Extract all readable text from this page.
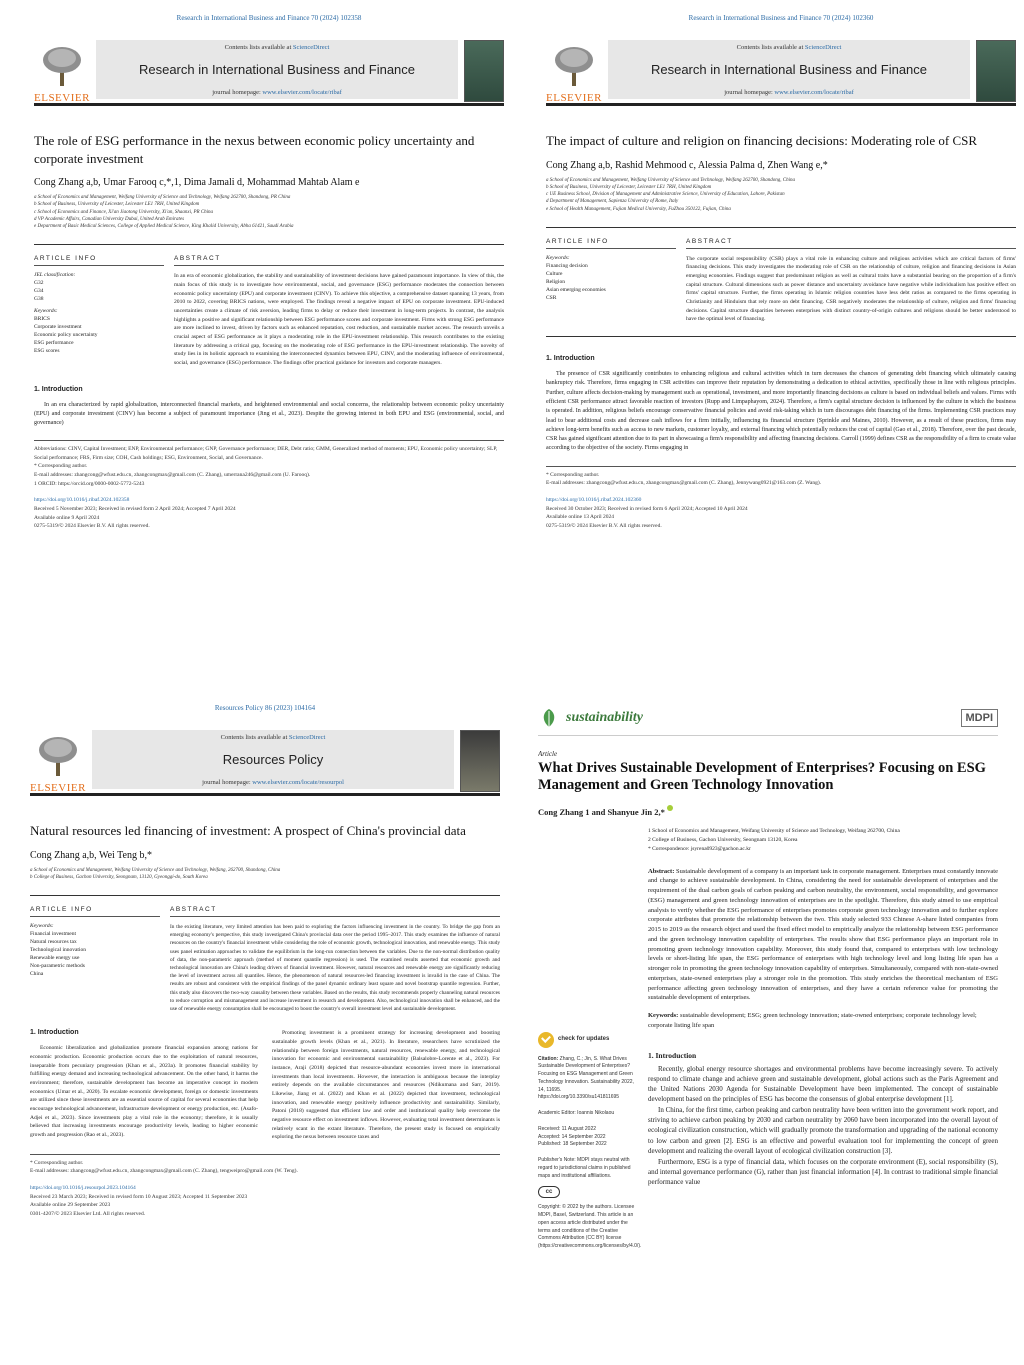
Research in International Business and Finance 70 (2024) 102358
ELSEVIER
Contents lists available at ScienceDirect
Research in International Business and Finance
journal homepage: www.elsevier.com/locate/ribaf
The role of ESG performance in the nexus between economic policy uncertainty and corporate investment
Cong Zhang a,b, Umar Farooq c,*,1, Dima Jamali d, Mohammad Mahtab Alam e
a School of Economics and Management, Weifang University of Science and Technology, Weifang 262700, Shandong, PR China
b School of Business, University of Leicester, Leicester LE1 7RH, United Kingdom
c School of Economics and Finance, Xi'an Jiaotong University, Xi'an, Shaanxi, PR China
d VP Academic Affairs, Canadian University Dubai, United Arab Emirates
e Department of Basic Medical Sciences, College of Applied Medical Science, King Khalid University, Abha 61421, Saudi Arabia
ARTICLE INFO
JEL classification:
G32
G34
G38
Keywords:
BRICS
Corporate investment
Economic policy uncertainty
ESG performance
ESG scores
ABSTRACT
In an era of economic globalization, the stability and sustainability of investment decisions have gained paramount importance. In view of this, the main focus of this study is to investigate how environmental, social, and governance (ESG) performance moderates the connection between economic policy uncertainty (EPU) and corporate investment (CINV). To achieve this objective, a comprehensive dataset spanning 13 years, from 2010 to 2022, covering BRICS nations, were employed. The findings reveal a negative impact of EPU on corporate investment. EPU-induced uncertainties create a climate of risk aversion, leading firms to delay or reduce their investment in long-term projects. In contrast, the analysis highlights a positive and significant relationship between ESG performance scores and corporate investment. Firms with strong ESG performance are more inclined to invest, driven by factors such as enhanced reputation, cost reduction, and sustainable market access. The research unveils a crucial aspect of ESG performance as it plays a moderating role in the EPU-investment relationship. This research contributes to the existing literature by addressing a critical gap, focusing on the moderating role of ESG performance in the EPU-investment relationship. The novelty of study lies in its holistic approach to examining the interconnected dynamics between EPU, CINV, and the moderating influence of environmental, social, and governance (ESG) performance. The findings offer practical guidance for investors and corporate managers.
1. Introduction
In an era characterized by rapid globalization, interconnected financial markets, and heightened environmental and social concerns, the relationship between economic policy uncertainty (EPU) and corporate investment (CINV) has become a subject of paramount importance (Jing et al., 2023). Despite the growing interest in both EPU and ESG (environmental, social, and governance)
Abbreviations: CINV, Capital Investment; ENP, Environmental performance; GNP, Governance performance; DER, Debt ratio; GMM, Generalized method of moments; EPU, Economic policy uncertainty; SLP, Social performance; FRS, Firm size; COH, Cash holdings; ESG, Environment, Social, and Governance.
* Corresponding author.
E-mail addresses: zhangcong@wfust.edu.cn, zhangcongmax@gmail.com (C. Zhang), umerrana246@gmail.com (U. Farooq).
1 ORCID: https://orcid.org/0000-0002-5772-5243
https://doi.org/10.1016/j.ribaf.2024.102358
Received 5 November 2023; Received in revised form 2 April 2024; Accepted 7 April 2024
Available online 9 April 2024
0275-5319/© 2024 Elsevier B.V. All rights reserved.
Research in International Business and Finance 70 (2024) 102360
ELSEVIER
Contents lists available at ScienceDirect
Research in International Business and Finance
journal homepage: www.elsevier.com/locate/ribaf
The impact of culture and religion on financing decisions: Moderating role of CSR
Cong Zhang a,b, Rashid Mehmood c, Alessia Palma d, Zhen Wang e,*
a School of Economics and Management, Weifang University of Science and Technology, Weifang 262700, Shandong, China
b School of Business, University of Leicester, Leicester LE1 7RH, United Kingdom
c UE Business School, Division of Management and Administrative Science, University of Education, Lahore, Pakistan
d Department of Management, Sapienza University of Rome, Italy
e School of Health Management, Fujian Medical University, FuZhou 350122, Fujian, China
ARTICLE INFO
Keywords:
Financing decision
Culture
Religion
Asian emerging economies
CSR
ABSTRACT
The corporate social responsibility (CSR) plays a vital role in enhancing culture and religious activities which are critical factors of firms' financing decisions. This study investigates the moderating role of CSR on the relationship of culture, religion and financing decisions in Asian emerging economies. Findings suggest that predominant religion as well as cultural traits have a substantial bearing on the proportion of a firm's capital structure. Cultural dimensions such as power distance and uncertainty avoidance have negative while individualism has positive effect on firms' capital structure. Further, the firms operating in Islamic religion countries have less debt ratios as compared to the firms operating in Christianity and Hinduism that rely more on debt financing. CSR negatively moderates the relationship of culture, religion and firms' financing decisions. Capital structure disparities between enterprises with distinct country-of-origin cultures and religions should be better understood to have the optimal level of financing.
1. Introduction
The presence of CSR significantly contributes to enhancing religious and cultural activities which in turn decreases the chances of generating debt financing which ultimately causing bankruptcy risk. Therefore, firms engaging in CSR activities can improve their reputation by demonstrating a dedication to ethical activities, specifically those in line with religious principles. Further, culture affects decision-making by management such as operational, investment, and more importantly financing decisions as culture is based on individual beliefs and values. Firms with efficient CSR performance attract favorable reaction of investors (Rupp and Limpaphayom, 2024). Therefore, a firm's capital structure decision is influenced by the culture in which the business is operated. In addition, religious beliefs encourage conservative financial policies and avoid risk-taking which in turn discourages debt financing of the firms. Implementing CSR practices may lead to bear additional costs and decrease cash inflows for a firm initially, influencing its financial structure (Sprinkle and Maines, 2010). However, as a result of these practices, firms may achieve long-term benefits such as access to new markets, customer loyalty, and external financing which potentially reduces the cost of capital (Gao et al., 2018). Therefore, over the past decade, CSR has gained significant attention due to its part in showcasing a firm's responsibility and affecting financing decisions. Carroll (1999) defines CSR as the responsibility of a firm to create value according to the objective of the society. Firms engaging in
* Corresponding author.
E-mail addresses: zhangcong@wfust.edu.cn, zhangcongmax@gmail.com (C. Zhang), Jennywang0921@163.com (Z. Wang).
https://doi.org/10.1016/j.ribaf.2024.102360
Received 30 October 2023; Received in revised form 6 April 2024; Accepted 10 April 2024
Available online 13 April 2024
0275-5319/© 2024 Elsevier B.V. All rights reserved.
Resources Policy 86 (2023) 104164
ELSEVIER
Contents lists available at ScienceDirect
Resources Policy
journal homepage: www.elsevier.com/locate/resourpol
Natural resources led financing of investment: A prospect of China's provincial data
Cong Zhang a,b, Wei Teng b,*
a School of Economics and Management, Weifang University of Science and Technology, Weifang, 262700, Shandong, China
b College of Business, Gachon University, Seongnam, 13120, Gyeonggi-do, South Korea
ARTICLE INFO
Keywords:
Financial investment
Natural resources tax
Technological innovation
Renewable energy use
Non-parametric methods
China
ABSTRACT
In the existing literature, very limited attention has been paid to exploring the factors influencing investment in the country. To bridge the gap from an emerging economy's perspective, this study investigated China's provincial data over the period 1995–2017. This study examines the influence of natural resources on the country's financial investment while considering the role of economic growth, technological innovation, and renewable energy. This study uses panel estimation approaches to validate the equilibrium in the long-run connection between the variables. Due to the non-normal distribution quality of data, the non-parametric approach (method of moment quantile regression) is used. The examined results asserted that economic growth and technological innovation are China's leading drivers of financial investment. However, natural resources and renewable energy are significantly reducing the level of investment across all quantiles. Hence, the phenomenon of natural resources-led financing investment is invalid in the case of China. The results are robust and consistent with the empirical findings of the panel dynamic ordinary least square and novel bootstrap quantile regression. Further, this study also discovers the two-way causality between these variables. Based on the results, this study recommends properly channeling natural resources to reduce corruption and mismanagement and increase investment in research and development. Also, technological innovation shall be enhanced, and the use of renewable energy consumption shall be encouraged to boost the country's overall investment level and sustainable development.
1. Introduction
Economic liberalization and globalization promote financial expansion among nations for economic production. Economic production occurs due to the exploitation of natural resources, inseparable from pecuniary progression (Khan et al., 2023a). It promotes financial stability by fulfilling energy demand and increasing technological advancement. On the other hand, it harms the environment; therefore, sustainable development has become an imperative concept in modern economics (Umar et al., 2020). To escalate economic development, foreign or domestic investments are utilized since these investments are an essential source of capital for several economies that help encourage technological advancement, infrastructure development or energy production, etc. (Asafo-Adjei et al., 2023). Since investments play a vital role in the economy; therefore, it is usually believed that increasing investments encourage productivity levels, leading to higher economic growth and progression (Rao et al., 2023).
Promoting investment is a prominent strategy for increasing development and boosting sustainable growth levels (Khan et al., 2021). In literature, researchers have scrutinized the relationship between foreign investments, natural resources, renewable energy, and technological innovation for economic and environmental sustainability (Balsalobre-Lorente et al., 2023). For instance, Araji (2018) depicted that resource-abundant economies invest more in international investments than local investments. However, the interaction is ambiguous because the interplay entirely depends on the available circumstances and resources (Ndikumana and Sarr, 2019). Likewise, Jiang et al. (2022) and Khan et al. (2022) depicted that investment, technological innovation, and renewable energy positively influence productivity and sustainability. Similarly, Patoni (2018) suggested that efficient law and order and institutional quality help overcome the negative resource effect on investment inflows. However, evaluating total investment determinants is relatively scant in the extant literature. Therefore, the present study is focused on empirically exploring the nexus between resource taxes and
* Corresponding author.
E-mail addresses: zhangcong@wfust.edu.cn, zhangcongmax@gmail.com (C. Zhang), tengweipro@gmail.com (W. Teng).
https://doi.org/10.1016/j.resourpol.2023.104164
Received 23 March 2023; Received in revised form 10 August 2023; Accepted 11 September 2023
Available online 29 September 2023
0301-4207/© 2023 Elsevier Ltd. All rights reserved.
sustainability	MDPI
Article
What Drives Sustainable Development of Enterprises? Focusing on ESG Management and Green Technology Innovation
Cong Zhang 1 and Shanyue Jin 2,*
check for updates
Citation: Zhang, C.; Jin, S. What Drives Sustainable Development of Enterprises? Focusing on ESG Management and Green Technology Innovation. Sustainability 2022, 14, 11695. https://doi.org/10.3390/su141811695
Academic Editor: Ioannis Nikolaou
Received: 11 August 2022
Accepted: 14 September 2022
Published: 18 September 2022
Publisher's Note: MDPI stays neutral with regard to jurisdictional claims in published maps and institutional affiliations.
cc
Copyright: © 2022 by the authors. Licensee MDPI, Basel, Switzerland. This article is an open access article distributed under the terms and conditions of the Creative Commons Attribution (CC BY) license (https://creativecommons.org/licenses/by/4.0/).
1 School of Economics and Management, Weifang University of Science and Technology, Weifang 262700, China
2 College of Business, Gachon University, Seongnam 13120, Korea
* Correspondence: jsyrena0923@gachon.ac.kr
Abstract: Sustainable development of a company is an important task in corporate management. Enterprises must constantly innovate and change to achieve sustainable development. In China, considering the need for sustainable development of enterprises and the requirement of the dual carbon goals of carbon peaking and carbon neutrality, the environment, social responsibility, and governance (ESG) management and green technology innovation of enterprises are in the spotlight. Therefore, this study aimed to use empirical analysis to verify whether the ESG performance of enterprises promotes corporate green technology innovation and to further explore corporate attributes that promote the relationship between the two. This study selected 933 Chinese A-share listed companies from 2015 to 2019 as the research object and used the fixed effect model to empirically analyze the relationship between ESG performance and the green technology innovation capability of enterprises. The results show that ESG performance plays an important role in promoting green technology innovation capability. Moreover, this study found that, compared to enterprises with low technology levels or short-listing life span, the ESG performance of enterprises with high technology level and long listing life span has a stronger role in promoting the green technology innovation capability of enterprises. Simultaneously, compared with non-state-owned enterprises, state-owned enterprises play a stronger role in the promotion. This study enriches the theoretical mechanism of ESG performance affecting green technology innovation of enterprises, and they have a certain reference value for promoting the sustainable development of enterprises.
Keywords: sustainable development; ESG; green technology innovation; state-owned enterprises; corporate technology level; corporate listing life span
1. Introduction
Recently, global energy resource shortages and environmental problems have become increasingly severe. To actively respond to climate change and achieve green and sustainable development, global actions such as the Paris Agreement and the United Nations 2030 Agenda for Sustainable Development have been implemented. The concept of sustainable development based on the principles of ESG has become the consensus of global enterprise development [1].
In China, for the first time, carbon peaking and carbon neutrality have been written into the government work report, and striving to achieve carbon peaking by 2030 and carbon neutrality by 2060 have been incorporated into the overall layout of ecological civilization construction, which will gradually promote the transformation and upgrading of the national economy to low carbon and green [2]. ESG is an effective and powerful evaluation tool for implementing the concept of green development and realizing the overall layout of ecological civilization construction [3].
Furthermore, ESG is a type of financial data, which focuses on the corporate environment (E), social responsibility (S), and internal governance performance (G), rather than just financial information [4]. In contrast to traditional simple financial performance value
